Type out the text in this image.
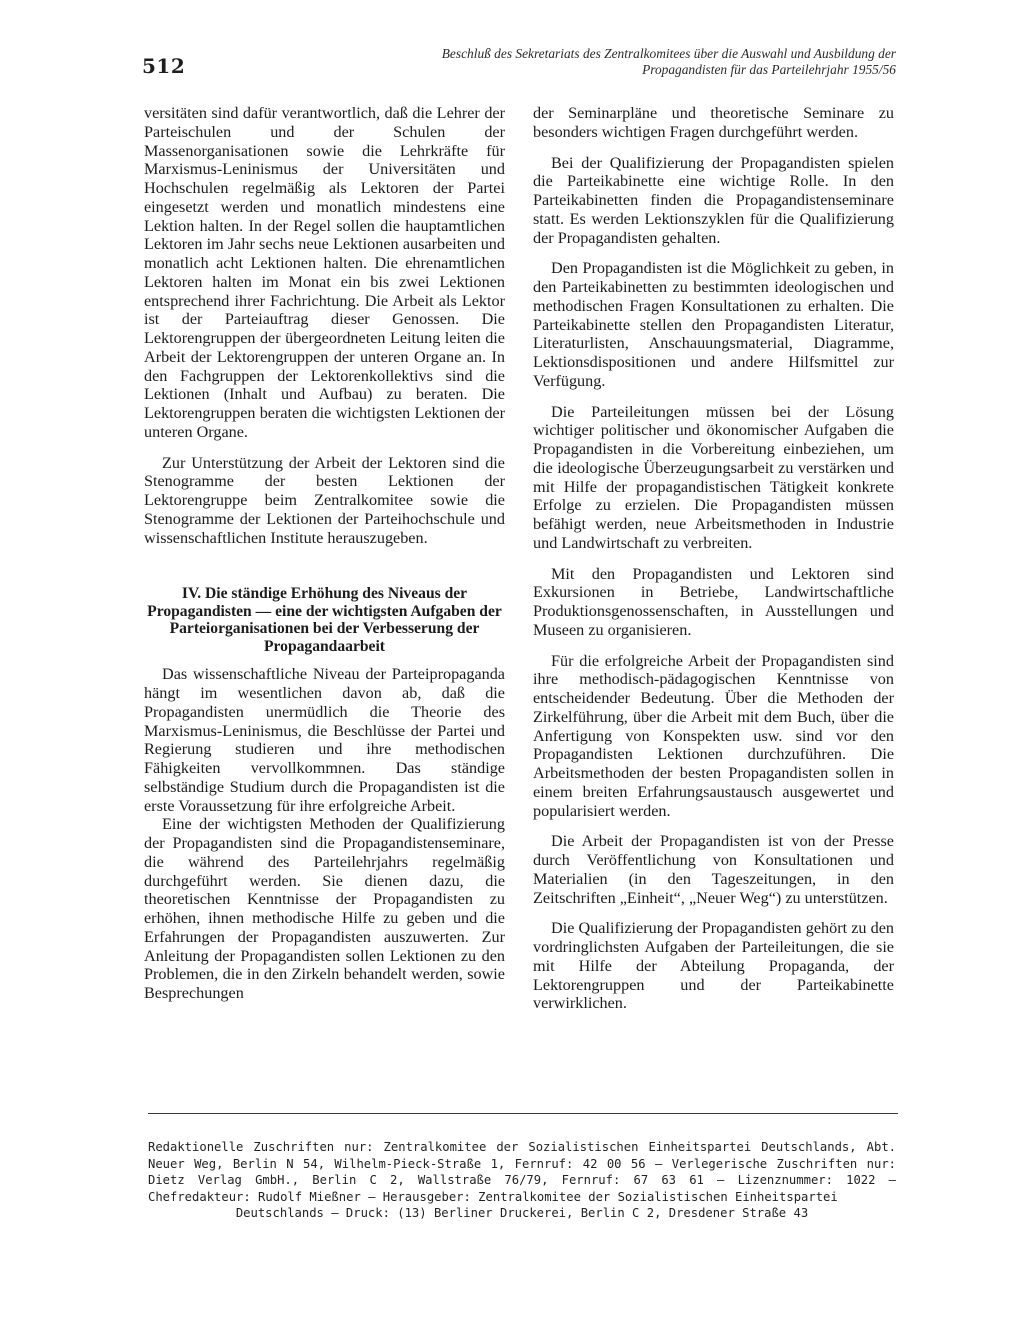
512
Beschluß des Sekretariats des Zentralkomitees über die Auswahl und Ausbildung der
Propagandisten für das Parteilehrjahr 1955/56

versitäten sind dafür verantwortlich, daß die Lehrer der Parteischulen und der Schulen der Massenorganisationen sowie die Lehrkräfte für Marxismus-Leninismus der Universitäten und Hochschulen regelmäßig als Lektoren der Partei eingesetzt werden und monatlich mindestens eine Lektion halten. In der Regel sollen die hauptamtlichen Lektoren im Jahr sechs neue Lektionen ausarbeiten und monatlich acht Lektionen halten. Die ehrenamtlichen Lektoren halten im Monat ein bis zwei Lektionen entsprechend ihrer Fachrichtung. Die Arbeit als Lektor ist der Parteiauftrag dieser Genossen. Die Lektorengruppen der übergeordneten Leitung leiten die Arbeit der Lektorengruppen der unteren Organe an. In den Fachgruppen der Lektorenkollektivs sind die Lektionen (Inhalt und Aufbau) zu beraten. Die Lektorengruppen beraten die wichtigsten Lektionen der unteren Organe.

Zur Unterstützung der Arbeit der Lektoren sind die Stenogramme der besten Lektionen der Lektorengruppe beim Zentralkomitee sowie die Stenogramme der Lektionen der Parteihochschule und wissenschaftlichen Institute herauszugeben.

IV. Die ständige Erhöhung des Niveaus der Propagandisten — eine der wichtigsten Aufgaben der Parteiorganisationen bei der Verbesserung der Propagandaarbeit

Das wissenschaftliche Niveau der Parteipropaganda hängt im wesentlichen davon ab, daß die Propagandisten unermüdlich die Theorie des Marxismus-Leninismus, die Beschlüsse der Partei und Regierung studieren und ihre methodischen Fähigkeiten vervollkommnen. Das ständige selbständige Studium durch die Propagandisten ist die erste Voraussetzung für ihre erfolgreiche Arbeit.

Eine der wichtigsten Methoden der Qualifizierung der Propagandisten sind die Propagandistenseminare, die während des Parteilehrjahrs regelmäßig durchgeführt werden. Sie dienen dazu, die theoretischen Kenntnisse der Propagandisten zu erhöhen, ihnen methodische Hilfe zu geben und die Erfahrungen der Propagandisten auszuwerten. Zur Anleitung der Propagandisten sollen Lektionen zu den Problemen, die in den Zirkeln behandelt werden, sowie Besprechungen

der Seminarpläne und theoretische Seminare zu besonders wichtigen Fragen durchgeführt werden.

Bei der Qualifizierung der Propagandisten spielen die Parteikabinette eine wichtige Rolle. In den Parteikabinetten finden die Propagandistenseminare statt. Es werden Lektionszyklen für die Qualifizierung der Propagandisten gehalten.

Den Propagandisten ist die Möglichkeit zu geben, in den Parteikabinetten zu bestimmten ideologischen und methodischen Fragen Konsultationen zu erhalten. Die Parteikabinette stellen den Propagandisten Literatur, Literaturlisten, Anschauungsmaterial, Diagramme, Lektionsdispositionen und andere Hilfsmittel zur Verfügung.

Die Parteileitungen müssen bei der Lösung wichtiger politischer und ökonomischer Aufgaben die Propagandisten in die Vorbereitung einbeziehen, um die ideologische Überzeugungsarbeit zu verstärken und mit Hilfe der propagandistischen Tätigkeit konkrete Erfolge zu erzielen. Die Propagandisten müssen befähigt werden, neue Arbeitsmethoden in Industrie und Landwirtschaft zu verbreiten.

Mit den Propagandisten und Lektoren sind Exkursionen in Betriebe, Landwirtschaftliche Produktionsgenossenschaften, in Ausstellungen und Museen zu organisieren.

Für die erfolgreiche Arbeit der Propagandisten sind ihre methodisch-pädagogischen Kenntnisse von entscheidender Bedeutung. Über die Methoden der Zirkelführung, über die Arbeit mit dem Buch, über die Anfertigung von Konspekten usw. sind vor den Propagandisten Lektionen durchzuführen. Die Arbeitsmethoden der besten Propagandisten sollen in einem breiten Erfahrungsaustausch ausgewertet und popularisiert werden.

Die Arbeit der Propagandisten ist von der Presse durch Veröffentlichung von Konsultationen und Materialien (in den Tageszeitungen, in den Zeitschriften „Einheit“, „Neuer Weg“) zu unterstützen.

Die Qualifizierung der Propagandisten gehört zu den vordringlichsten Aufgaben der Parteileitungen, die sie mit Hilfe der Abteilung Propaganda, der Lektorengruppen und der Parteikabinette verwirklichen.

Redaktionelle Zuschriften nur: Zentralkomitee der Sozialistischen Einheitspartei Deutschlands, Abt. Neuer Weg, Berlin N 54, Wilhelm-Pieck-Straße 1, Fernruf: 42 00 56 — Verlegerische Zuschriften nur: Dietz Verlag GmbH., Berlin C 2, Wallstraße 76/79, Fernruf: 67 63 61 — Lizenznummer: 1022 — Chefredakteur: Rudolf Mießner — Herausgeber: Zentralkomitee der Sozialistischen Einheitspartei
Deutschlands — Druck: (13) Berliner Druckerei, Berlin C 2, Dresdener Straße 43
